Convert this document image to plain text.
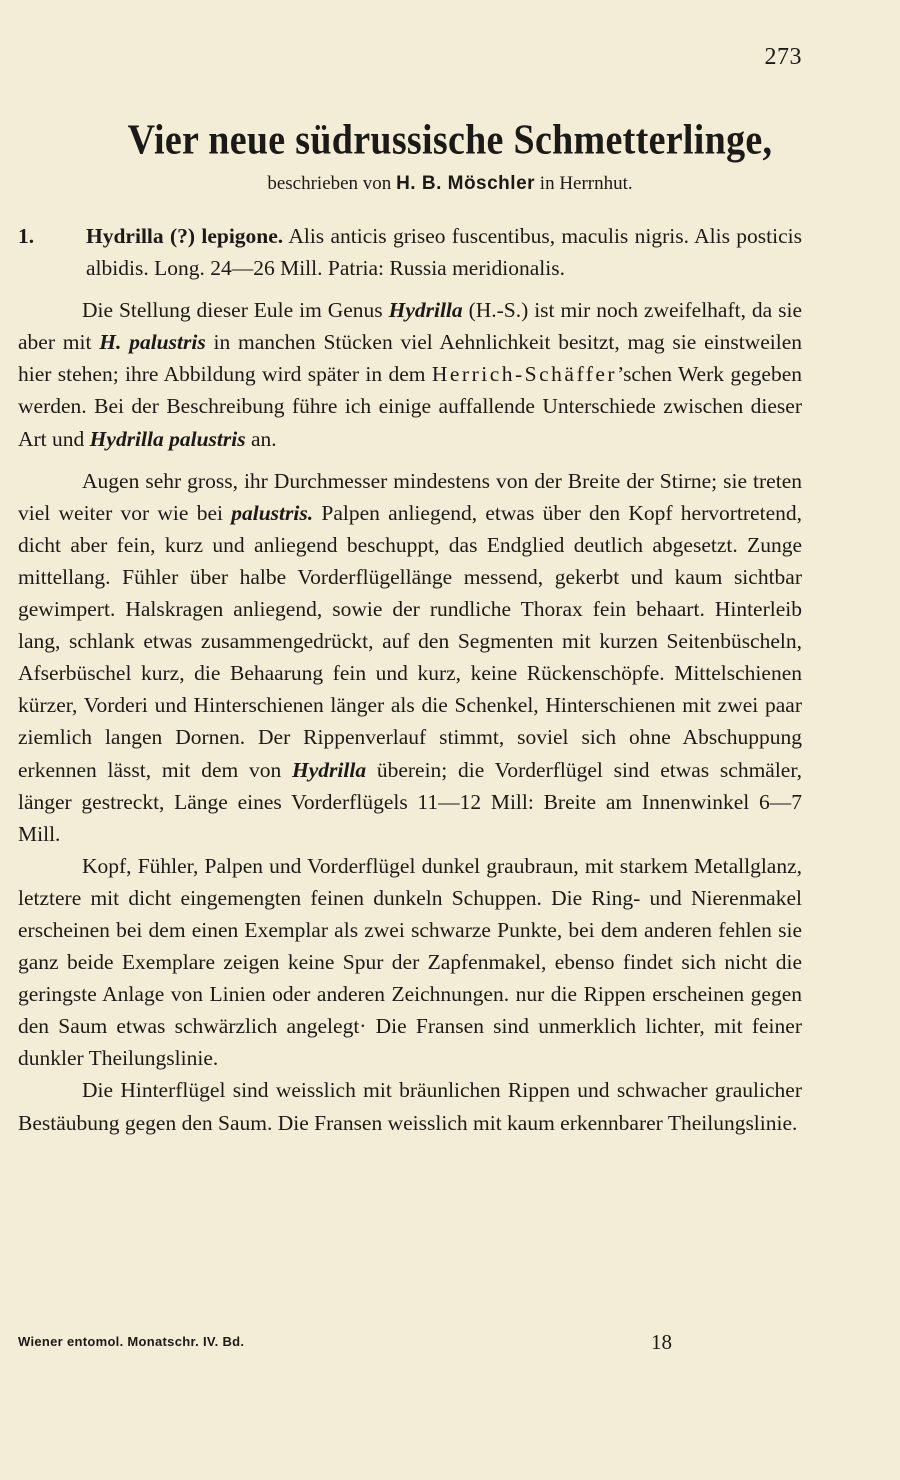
273
Vier neue südrussische Schmetterlinge,
beschrieben von H. B. Möschler in Herrnhut.

1. Hydrilla (?) lepigone. Alis anticis griseo fuscentibus, maculis nigris. Alis posticis albidis. Long. 24—26 Mill. Patria: Russia meridionalis.

Die Stellung dieser Eule im Genus Hydrilla (H.-S.) ist mir noch zweifelhaft, da sie aber mit H. palustris in manchen Stücken viel Aehnlichkeit besitzt, mag sie einstweilen hier stehen; ihre Abbildung wird später in dem Herrich-Schäffer’schen Werk gegeben werden. Bei der Beschreibung führe ich einige auffallende Unterschiede zwischen dieser Art und Hydrilla palustris an.

Augen sehr gross, ihr Durchmesser mindestens von der Breite der Stirne; sie treten viel weiter vor wie bei palustris. Palpen anliegend, etwas über den Kopf hervortretend, dicht aber fein, kurz und anliegend beschuppt, das Endglied deutlich abgesetzt. Zunge mittellang. Fühler über halbe Vorderflügellänge messend, gekerbt und kaum sichtbar gewimpert. Halskragen anliegend, sowie der rundliche Thorax fein behaart. Hinterleib lang, schlank etwas zusammengedrückt, auf den Segmenten mit kurzen Seitenbüscheln, Afserbüschel kurz, die Behaarung fein und kurz, keine Rückenschöpfe. Mittelschienen kürzer, Vorderi und Hinterschienen länger als die Schenkel, Hinterschienen mit zwei paar ziemlich langen Dornen. Der Rippenverlauf stimmt, soviel sich ohne Abschuppung erkennen lässt, mit dem von Hydrilla überein; die Vorderflügel sind etwas schmäler, länger gestreckt, Länge eines Vorderflügels 11—12 Mill: Breite am Innenwinkel 6—7 Mill.

Kopf, Fühler, Palpen und Vorderflügel dunkel graubraun, mit starkem Metallglanz, letztere mit dicht eingemengten feinen dunkeln Schuppen. Die Ring- und Nierenmakel erscheinen bei dem einen Exemplar als zwei schwarze Punkte, bei dem anderen fehlen sie ganz beide Exemplare zeigen keine Spur der Zapfenmakel, ebenso findet sich nicht die geringste Anlage von Linien oder anderen Zeichnungen. nur die Rippen erscheinen gegen den Saum etwas schwärzlich angelegt· Die Fransen sind unmerklich lichter, mit feiner dunkler Theilungslinie.

Die Hinterflügel sind weisslich mit bräunlichen Rippen und schwacher graulicher Bestäubung gegen den Saum. Die Fransen weisslich mit kaum erkennbarer Theilungslinie.

Wiener entomol. Monatschr. IV. Bd.	18
